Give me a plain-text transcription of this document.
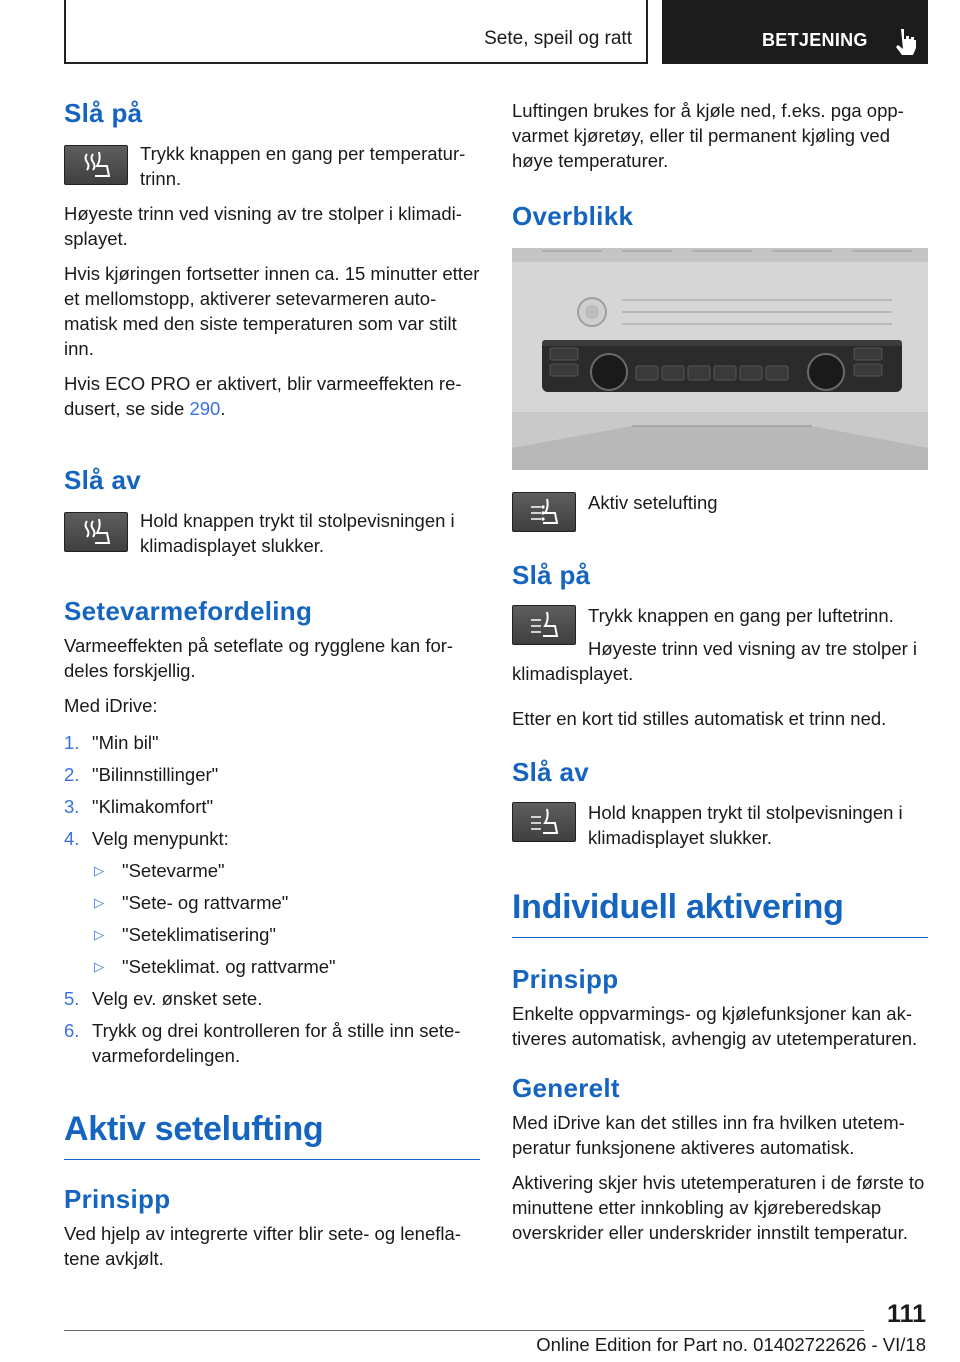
Sete, speil og ratt	BETJENING
Slå på

Trykk knappen en gang per temperaturtrinn.

Høyeste trinn ved visning av tre stolper i klimadisplayet.

Hvis kjøringen fortsetter innen ca. 15 minutter etter et mellomstopp, aktiverer setevarmeren automatisk med den siste temperaturen som var stilt inn.

Hvis ECO PRO er aktivert, blir varmeeffekten redusert, se side 290.

Slå av

Hold knappen trykt til stolpevisningen i klimadisplayet slukker.

Setevarmefordeling

Varmeeffekten på seteflate og rygglene kan fordeles forskjellig.

Med iDrive:

1. "Min bil"
2. "Bilinnstillinger"
3. "Klimakomfort"
4. Velg menypunkt:
▷ "Setevarme"
▷ "Sete- og rattvarme"
▷ "Seteklimatisering"
▷ "Seteklimat. og rattvarme"
5. Velg ev. ønsket sete.
6. Trykk og drei kontrolleren for å stille inn setevarmefordelingen.
Aktiv setelufting
Prinsipp

Ved hjelp av integrerte vifter blir sete- og leneflatene avkjølt.

Luftingen brukes for å kjøle ned, f.eks. pga oppvarmet kjøretøy, eller til permanent kjøling ved høye temperaturer.

Overblikk

Aktiv setelufting

Slå på

Trykk knappen en gang per luftetrinn.

Høyeste trinn ved visning av tre stolper i klimadisplayet.

Etter en kort tid stilles automatisk et trinn ned.

Slå av

Hold knappen trykt til stolpevisningen i klimadisplayet slukker.

Individuell aktivering
Prinsipp

Enkelte oppvarmings- og kjølefunksjoner kan aktiveres automatisk, avhengig av utetemperaturen.

Generelt

Med iDrive kan det stilles inn fra hvilken utetemperatur funksjonene aktiveres automatisk.

Aktivering skjer hvis utetemperaturen i de første to minuttene etter innkobling av kjøreberedskap overskrider eller underskrider innstilt temperatur.

111
Online Edition for Part no. 01402722626 - VI/18
